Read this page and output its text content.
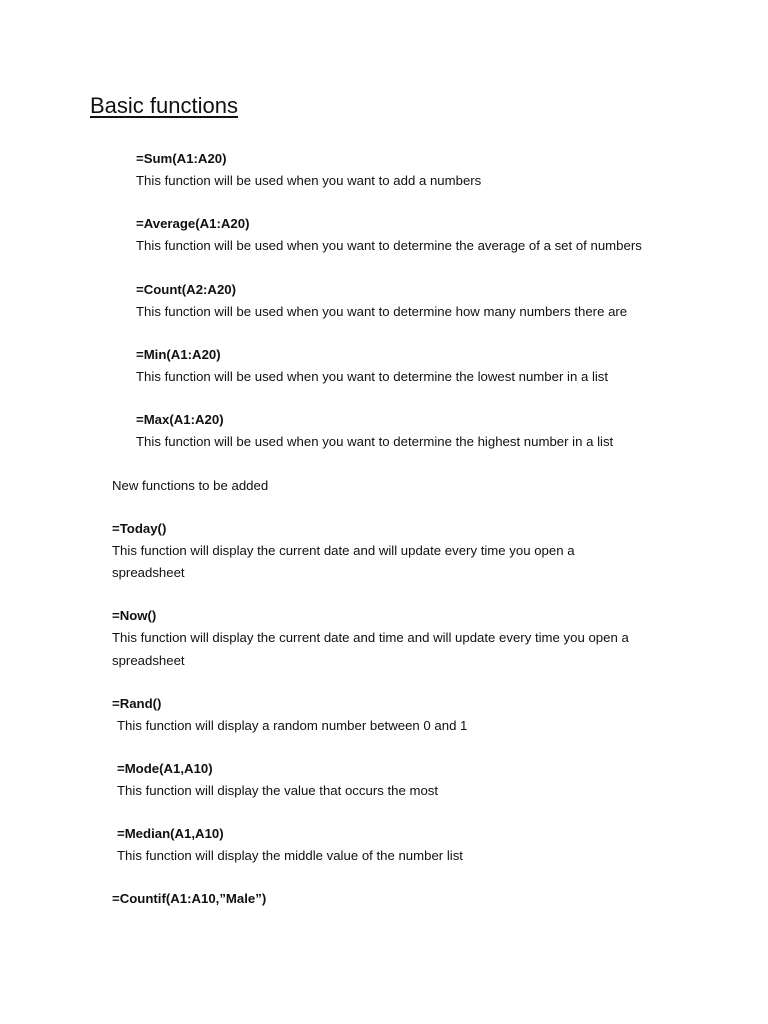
Basic functions
=Sum(A1:A20)
This function will be used when you want to add a numbers
=Average(A1:A20)
This function will be used when you want to determine the average of a set of numbers
=Count(A2:A20)
This function will be used when you want to determine how many numbers there are
=Min(A1:A20)
This function will be used when you want to determine the lowest number in a list
=Max(A1:A20)
This function will be used when you want to determine the highest number in a list
New functions to be added
=Today()
This function will display the current date and will update every time you open a
spreadsheet
=Now()
This function will display the current date and time and will update every time you open a
spreadsheet
=Rand()
This function will display a random number between 0 and 1
=Mode(A1,A10)
This function will display the value that occurs the most
=Median(A1,A10)
This function will display the middle value of the number list
=Countif(A1:A10,”Male”)
